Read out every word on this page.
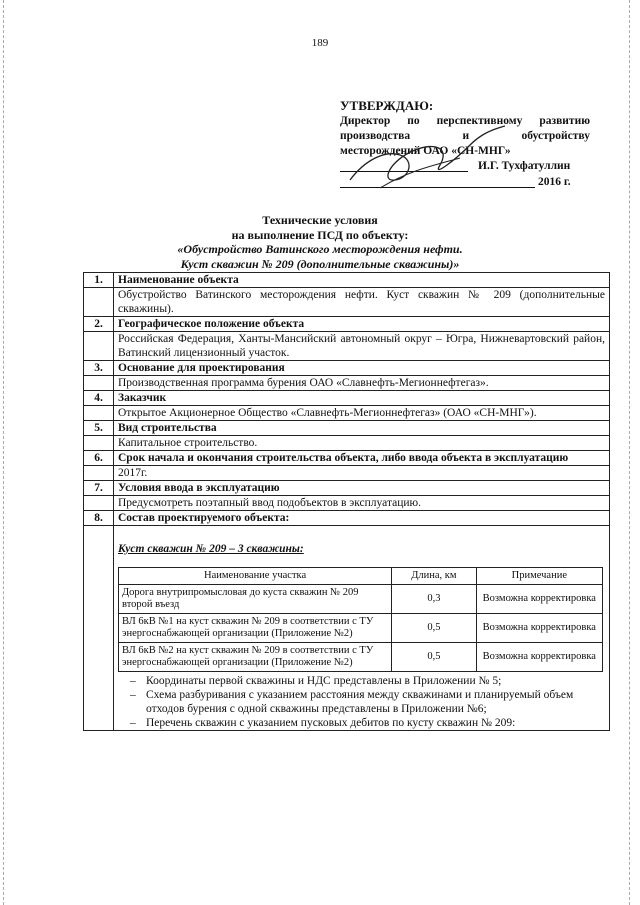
189
УТВЕРЖДАЮ:
Директор по перспективному развитию
производства и обустройству
месторождений ОАО «СН-МНГ»
И.Г. Тухфатуллин
2016 г.
Технические условия
на выполнение ПСД по объекту:
«Обустройство Ватинского месторождения нефти.
Куст скважин № 209 (дополнительные скважины)»
1.	Наименование объекта
	Обустройство Ватинского месторождения нефти. Куст скважин № 209 (дополнительные скважины).
2.	Географическое положение объекта
	Российская Федерация, Ханты-Мансийский автономный округ – Югра, Нижневартовский район, Ватинский лицензионный участок.
3.	Основание для проектирования
	Производственная программа бурения ОАО «Славнефть-Мегионнефтегаз».
4.	Заказчик
	Открытое Акционерное Общество «Славнефть-Мегионнефтегаз» (ОАО «СН-МНГ»).
5.	Вид строительства
	Капитальное строительство.
6.	Срок начала и окончания строительства объекта, либо ввода объекта в эксплуатацию
	2017г.
7.	Условия ввода в эксплуатацию
	Предусмотреть поэтапный ввод подобъектов в эксплуатацию.
8.	Состав проектируемого объекта:

Куст скважин № 209 – 3 скважины:
Наименование участка	Длина, км	Примечание
Дорога внутрипромысловая до куста скважин № 209 второй въезд	0,3	Возможна корректировка
ВЛ 6кВ №1 на куст скважин № 209 в соответствии с ТУ энергоснабжающей организации (Приложение №2)	0,5	Возможна корректировка
ВЛ 6кВ №2 на куст скважин № 209 в соответствии с ТУ энергоснабжающей организации (Приложение №2)	0,5	Возможна корректировка
– Координаты первой скважины и НДС представлены в Приложении № 5;
– Схема разбуривания с указанием расстояния между скважинами и планируемый объем отходов бурения с одной скважины представлены в Приложении №6;
– Перечень скважин с указанием пусковых дебитов по кусту скважин № 209:
